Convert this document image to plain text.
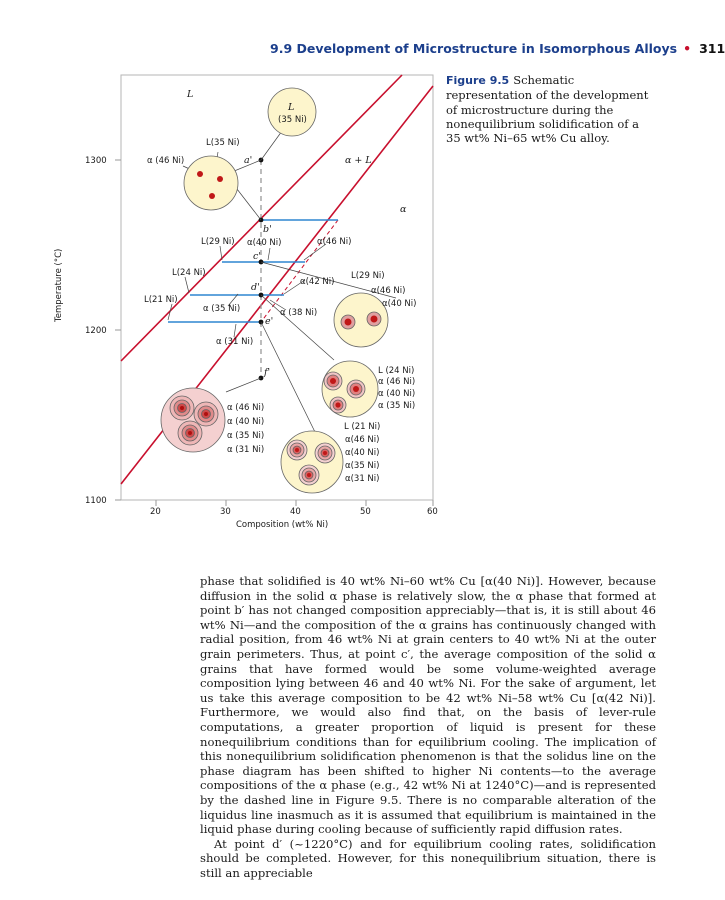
9.9 Development of Microstructure in Isomorphous Alloys • 311
Figure 9.5 Schematic representation of the development of microstructure during the nonequilibrium solidification of a 35 wt% Ni–65 wt% Cu alloy.
20	30	40	50	60
1300
1200
1100
Composition (wt% Ni)
Temperature (°C)
L
L
(35 Ni)
L(35 Ni)
α (46 Ni)	a'	α + L
α
b'
L(29 Ni) α(40 Ni)	α(46 Ni)
c'
L(24 Ni)
α(42 Ni)
d'
L(21 Ni)
α (35 Ni)	α (38 Ni)
e'
α (31 Ni)
f'
L(29 Ni)
α(46 Ni)
α(40 Ni)
L (24 Ni)
α (46 Ni)
α (40 Ni)
α (35 Ni)
L (21 Ni)
α(46 Ni)
α(40 Ni)
α(35 Ni)
α(31 Ni)
α (46 Ni)
α (40 Ni)
α (35 Ni)
α (31 Ni)

phase that solidified is 40 wt% Ni–60 wt% Cu [α(40 Ni)]. However, because diffusion in the solid α phase is relatively slow, the α phase that formed at point b′ has not changed composition appreciably—that is, it is still about 46 wt% Ni—and the composition of the α grains has continuously changed with radial position, from 46 wt% Ni at grain centers to 40 wt% Ni at the outer grain perimeters. Thus, at point c′, the average composition of the solid α grains that have formed would be some volume-weighted average composition lying between 46 and 40 wt% Ni. For the sake of argument, let us take this average composition to be 42 wt% Ni–58 wt% Cu [α(42 Ni)]. Furthermore, we would also find that, on the basis of lever-rule computations, a greater proportion of liquid is present for these nonequilibrium conditions than for equilibrium cooling. The implication of this nonequilibrium solidification phenomenon is that the solidus line on the phase diagram has been shifted to higher Ni contents—to the average compositions of the α phase (e.g., 42 wt% Ni at 1240°C)—and is represented by the dashed line in Figure 9.5. There is no comparable alteration of the liquidus line inasmuch as it is assumed that equilibrium is maintained in the liquid phase during cooling because of sufficiently rapid diffusion rates.

At point d′ (~1220°C) and for equilibrium cooling rates, solidification should be completed. However, for this nonequilibrium situation, there is still an appreciable
